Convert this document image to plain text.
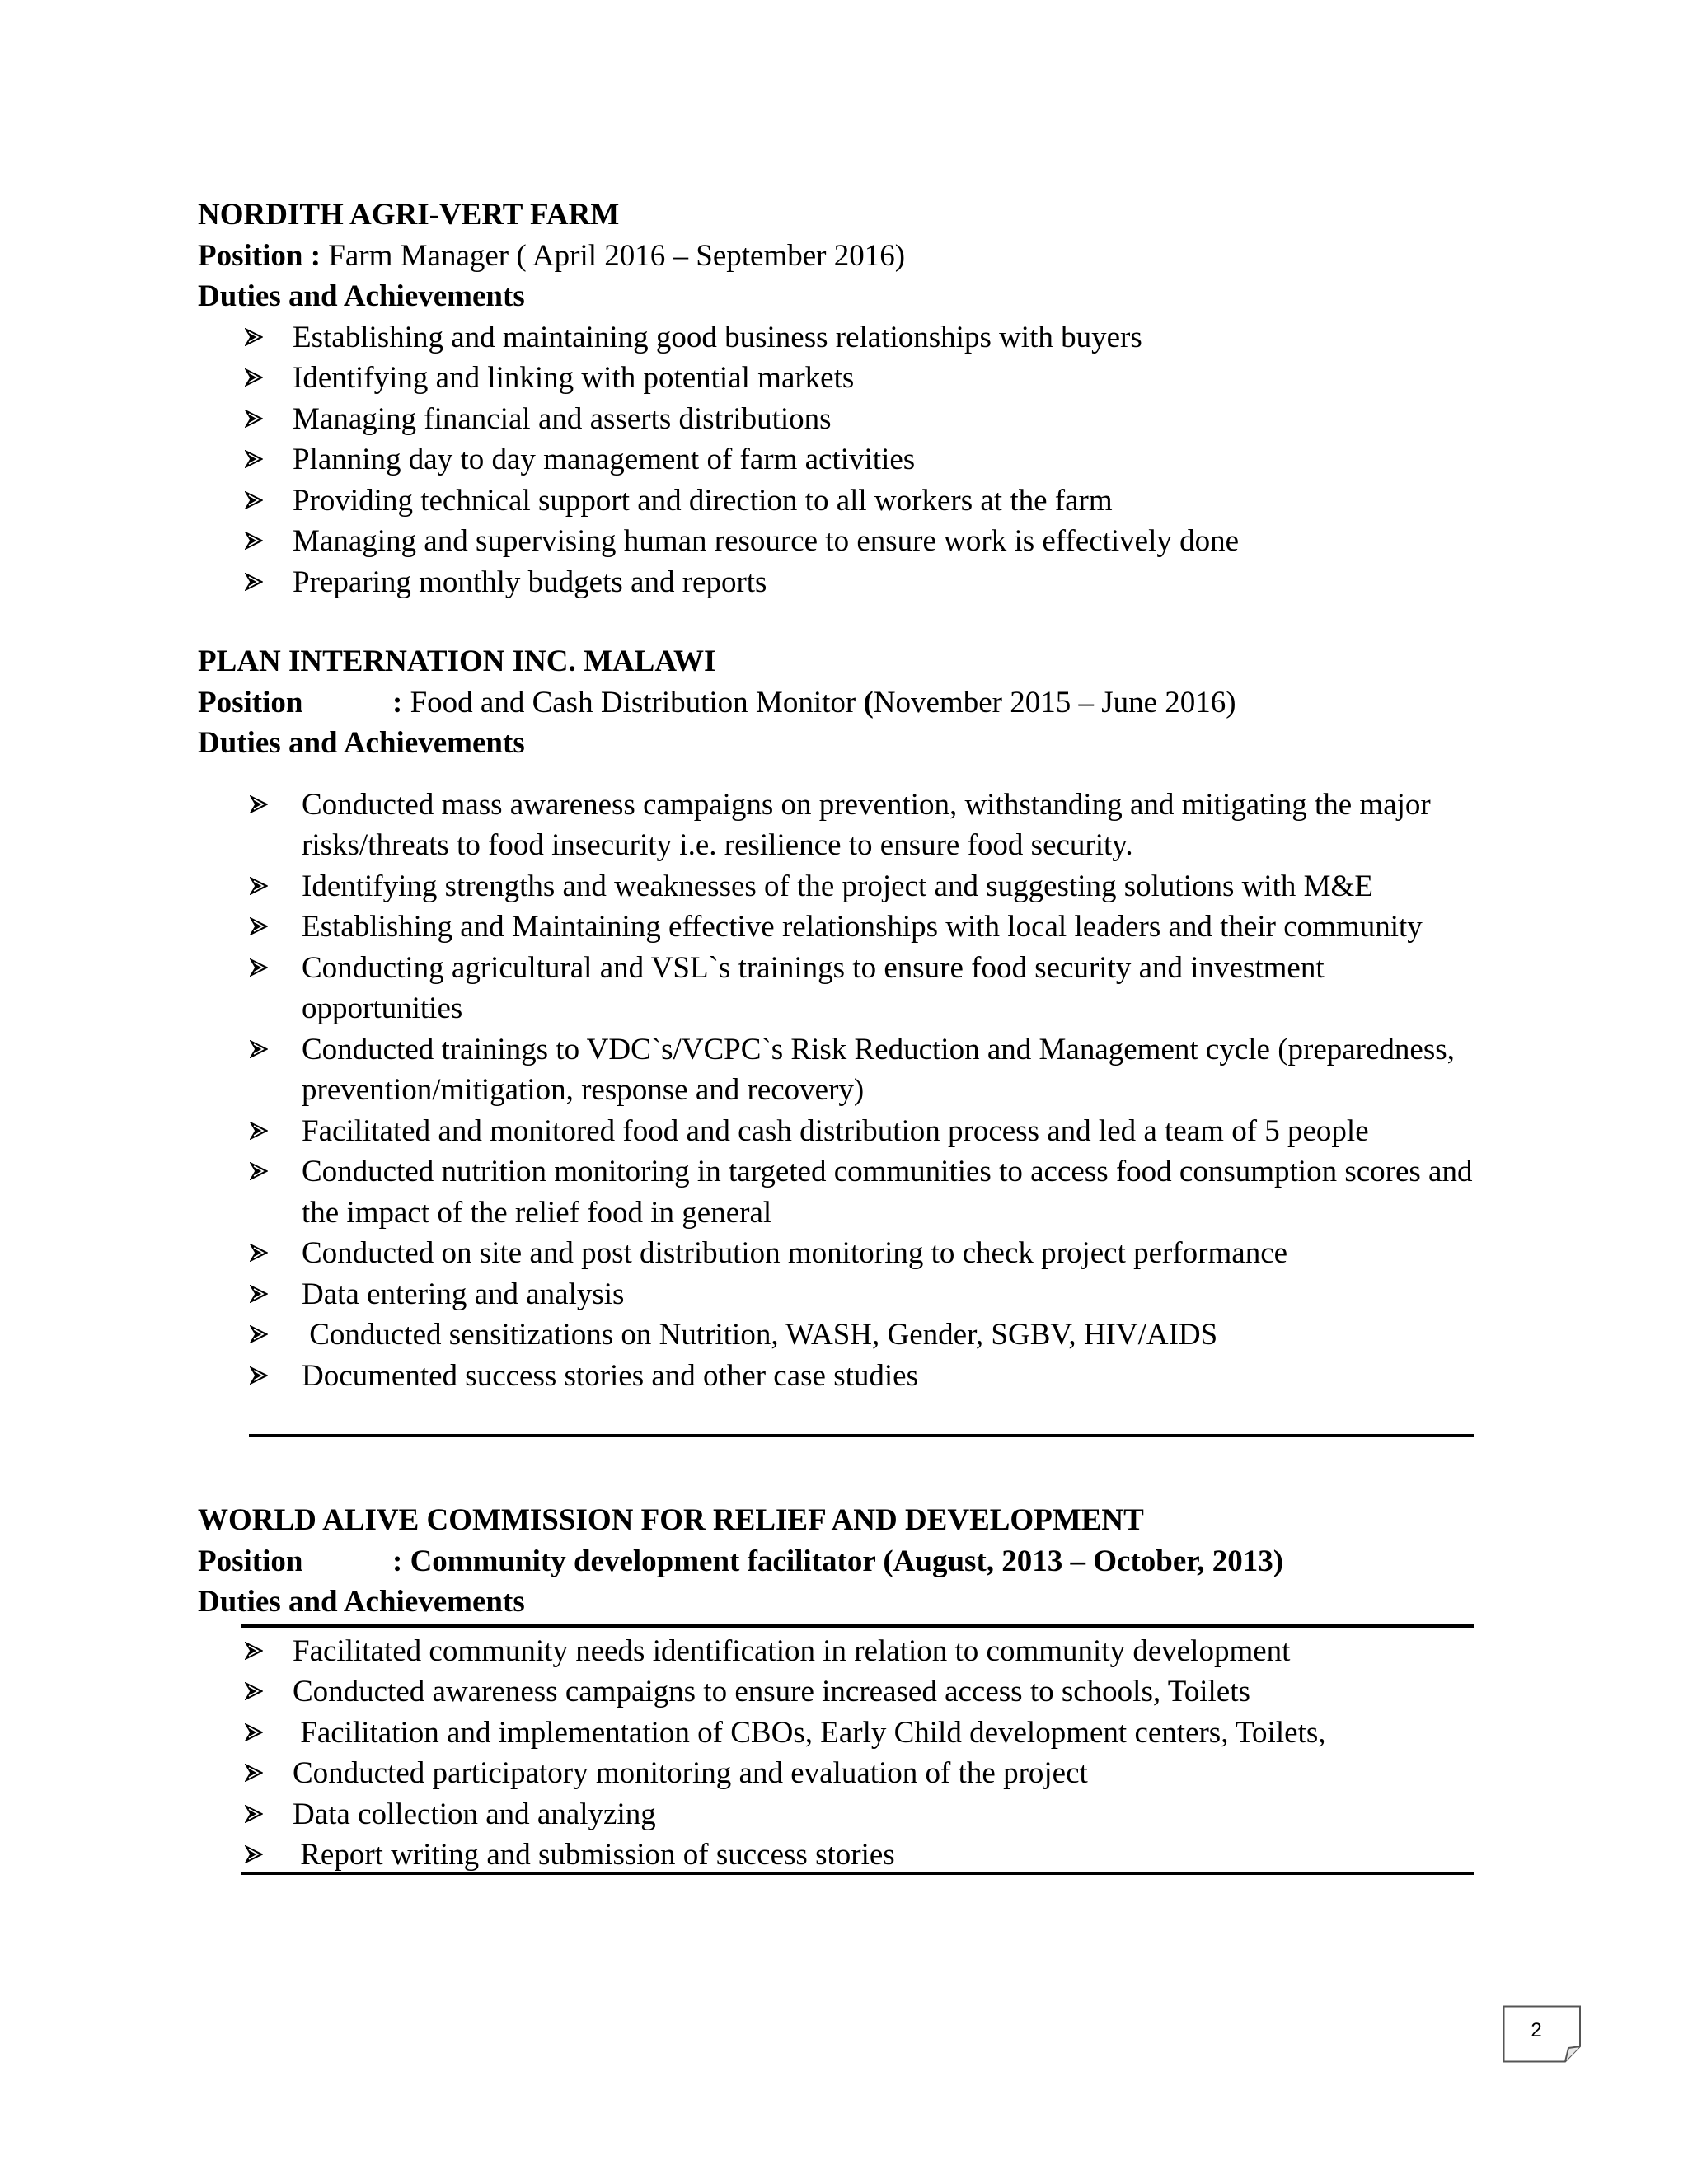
NORDITH AGRI-VERT FARM
Position : Farm Manager ( April 2016 – September 2016)
Duties and Achievements
Establishing and maintaining good business relationships with buyers
Identifying and linking with potential markets
Managing financial and asserts distributions
Planning day to day management of farm activities
Providing technical support and direction to all workers at the farm
Managing and supervising human resource to ensure work is effectively done
Preparing monthly budgets and reports
PLAN INTERNATION INC. MALAWI
Position	: Food and Cash Distribution Monitor (November 2015 – June 2016)
Duties and Achievements
Conducted mass awareness campaigns on prevention, withstanding and mitigating the major risks/threats to food insecurity i.e. resilience to ensure food security.
Identifying strengths and weaknesses of the project and suggesting solutions with M&E
Establishing and Maintaining effective relationships with local leaders and their community
Conducting agricultural and VSL`s trainings to ensure food security and investment opportunities
Conducted trainings to VDC`s/VCPC`s Risk Reduction and Management cycle (preparedness, prevention/mitigation, response and recovery)
Facilitated and monitored food and cash distribution process and led a team of 5 people
Conducted nutrition monitoring in targeted communities to access food consumption scores and the impact of the relief food in general
Conducted on site and post distribution monitoring to check project performance
Data entering and analysis
Conducted sensitizations on Nutrition, WASH, Gender, SGBV, HIV/AIDS
Documented success stories and other case studies
WORLD ALIVE COMMISSION FOR RELIEF AND DEVELOPMENT
Position	: Community development facilitator (August, 2013 – October, 2013)
Duties and Achievements
Facilitated community needs identification in relation to community development
Conducted awareness campaigns to ensure increased access to schools, Toilets
Facilitation and implementation of CBOs, Early Child development centers, Toilets,
Conducted participatory monitoring and evaluation of the project
Data collection and analyzing
Report writing and submission of success stories
2
